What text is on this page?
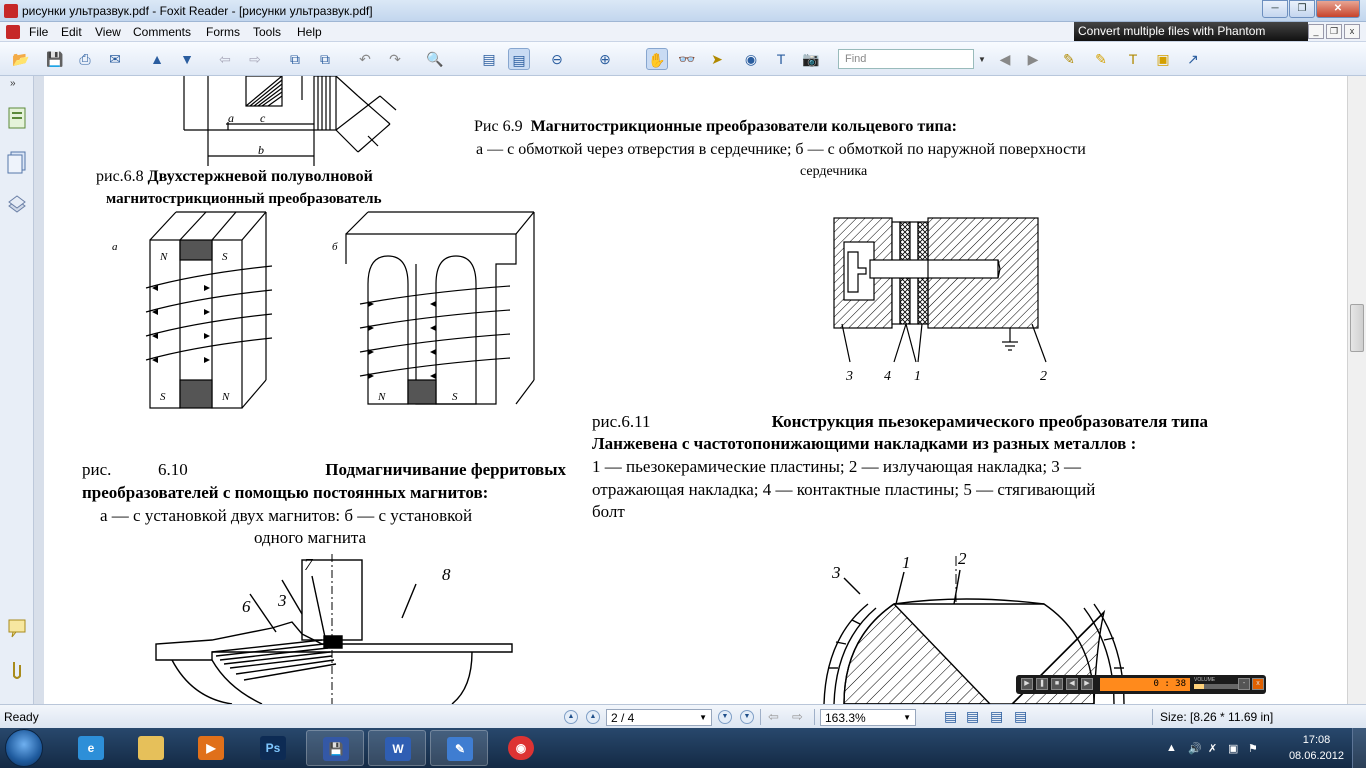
рисунки ультразвук.pdf - Foxit Reader - [рисунки ультразвук.pdf]	─	❐	✕
File Edit View Comments Forms Tools Help	Convert multiple files with Phantom	_	❐	x
📂 💾	⎙	✉	▲ ▼	⇦	⇨	⧉	⧉	↶	↷	🔍	▤	▤	⊖	⊕	✋ 👓	➤	◉	T	📷	◀	▶	✎	✎	T	▣	↗
Find	▼
»
a c
b
рис.6.8 Двухстержневой полуволновой
магнитострикционный преобразователь
Рис 6.9 Магнитострикционные преобразователи кольцевого типа:
а — с обмоткой через отверстия в сердечнике; б — с обмоткой по наружной поверхности
сердечника
а	б
N	S
S	N	N	S
рис.	6.10	Подмагничивание ферритовых
преобразователей с помощью постоянных магнитов:
а — с установкой двух магнитов: б — с установкой
одного магнита
3 4 1	2
рис.6.11	Конструкция пьезокерамического преобразователя типа
Ланжевена с частотопонижающими накладками из разных металлов :
1 — пьезокерамические пластины; 2 — излучающая накладка; 3 —
отражающая накладка; 4 — контактные пластины; 5 — стягивающий
болт
7
8
6 3
1	2
3
▶	❚	■	◀	▶	0 : 38	VOLUME	-	x
Ready	▲	▲	2 / 4	▼	▼	▼ ⇦ ⇨	163.3%	▼ ▤ ▤ ▤ ▤	Size: [8.26 * 11.69 in]
e	▶	Ps	💾	W	✎	◉	▲ 🔊 ✗ ▣ ⚑
17:08
08.06.2012
